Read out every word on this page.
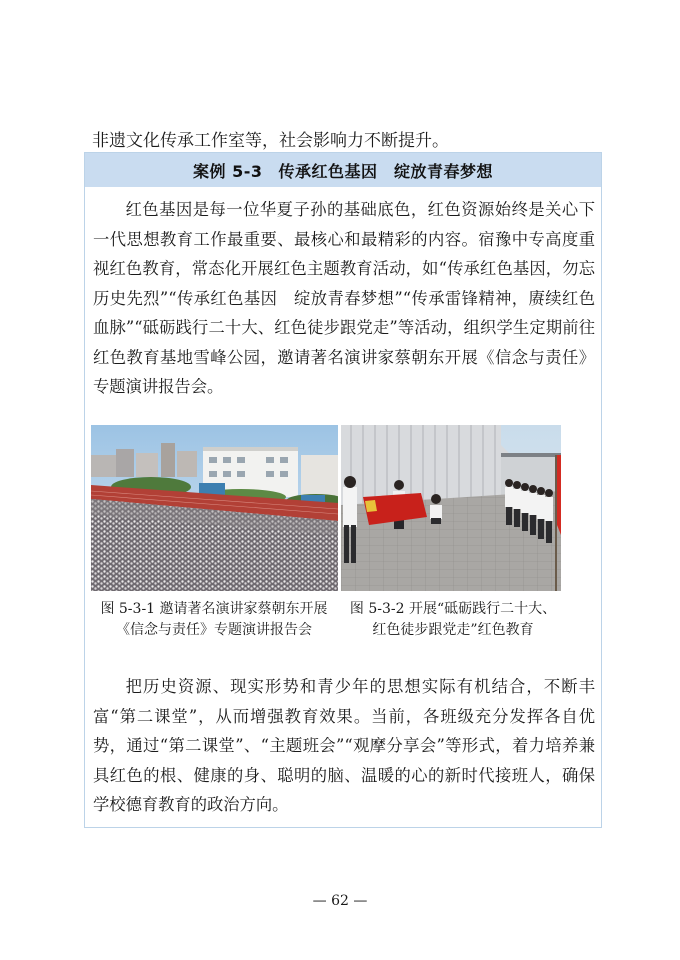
非遗文化传承工作室等，社会影响力不断提升。

案例 5-3 传承红色基因　绽放青春梦想

红色基因是每一位华夏子孙的基础底色，红色资源始终是关心下一代思想教育工作最重要、最核心和最精彩的内容。宿豫中专高度重视红色教育，常态化开展红色主题教育活动，如“传承红色基因，勿忘历史先烈”“传承红色基因　绽放青春梦想”“传承雷锋精神，赓续红色血脉”“砥砺践行二十大、红色徒步跟党走”等活动，组织学生定期前往红色教育基地雪峰公园，邀请著名演讲家蔡朝东开展《信念与责任》专题演讲报告会。

图 5-3-1 邀请著名演讲家蔡朝东开展《信念与责任》专题演讲报告会

图 5-3-2 开展“砥砺践行二十大、红色徒步跟党走”红色教育

把历史资源、现实形势和青少年的思想实际有机结合，不断丰富“第二课堂”，从而增强教育效果。当前，各班级充分发挥各自优势，通过“第二课堂”、“主题班会”“观摩分享会”等形式，着力培养兼具红色的根、健康的身、聪明的脑、温暖的心的新时代接班人，确保学校德育教育的政治方向。

— 62 —
